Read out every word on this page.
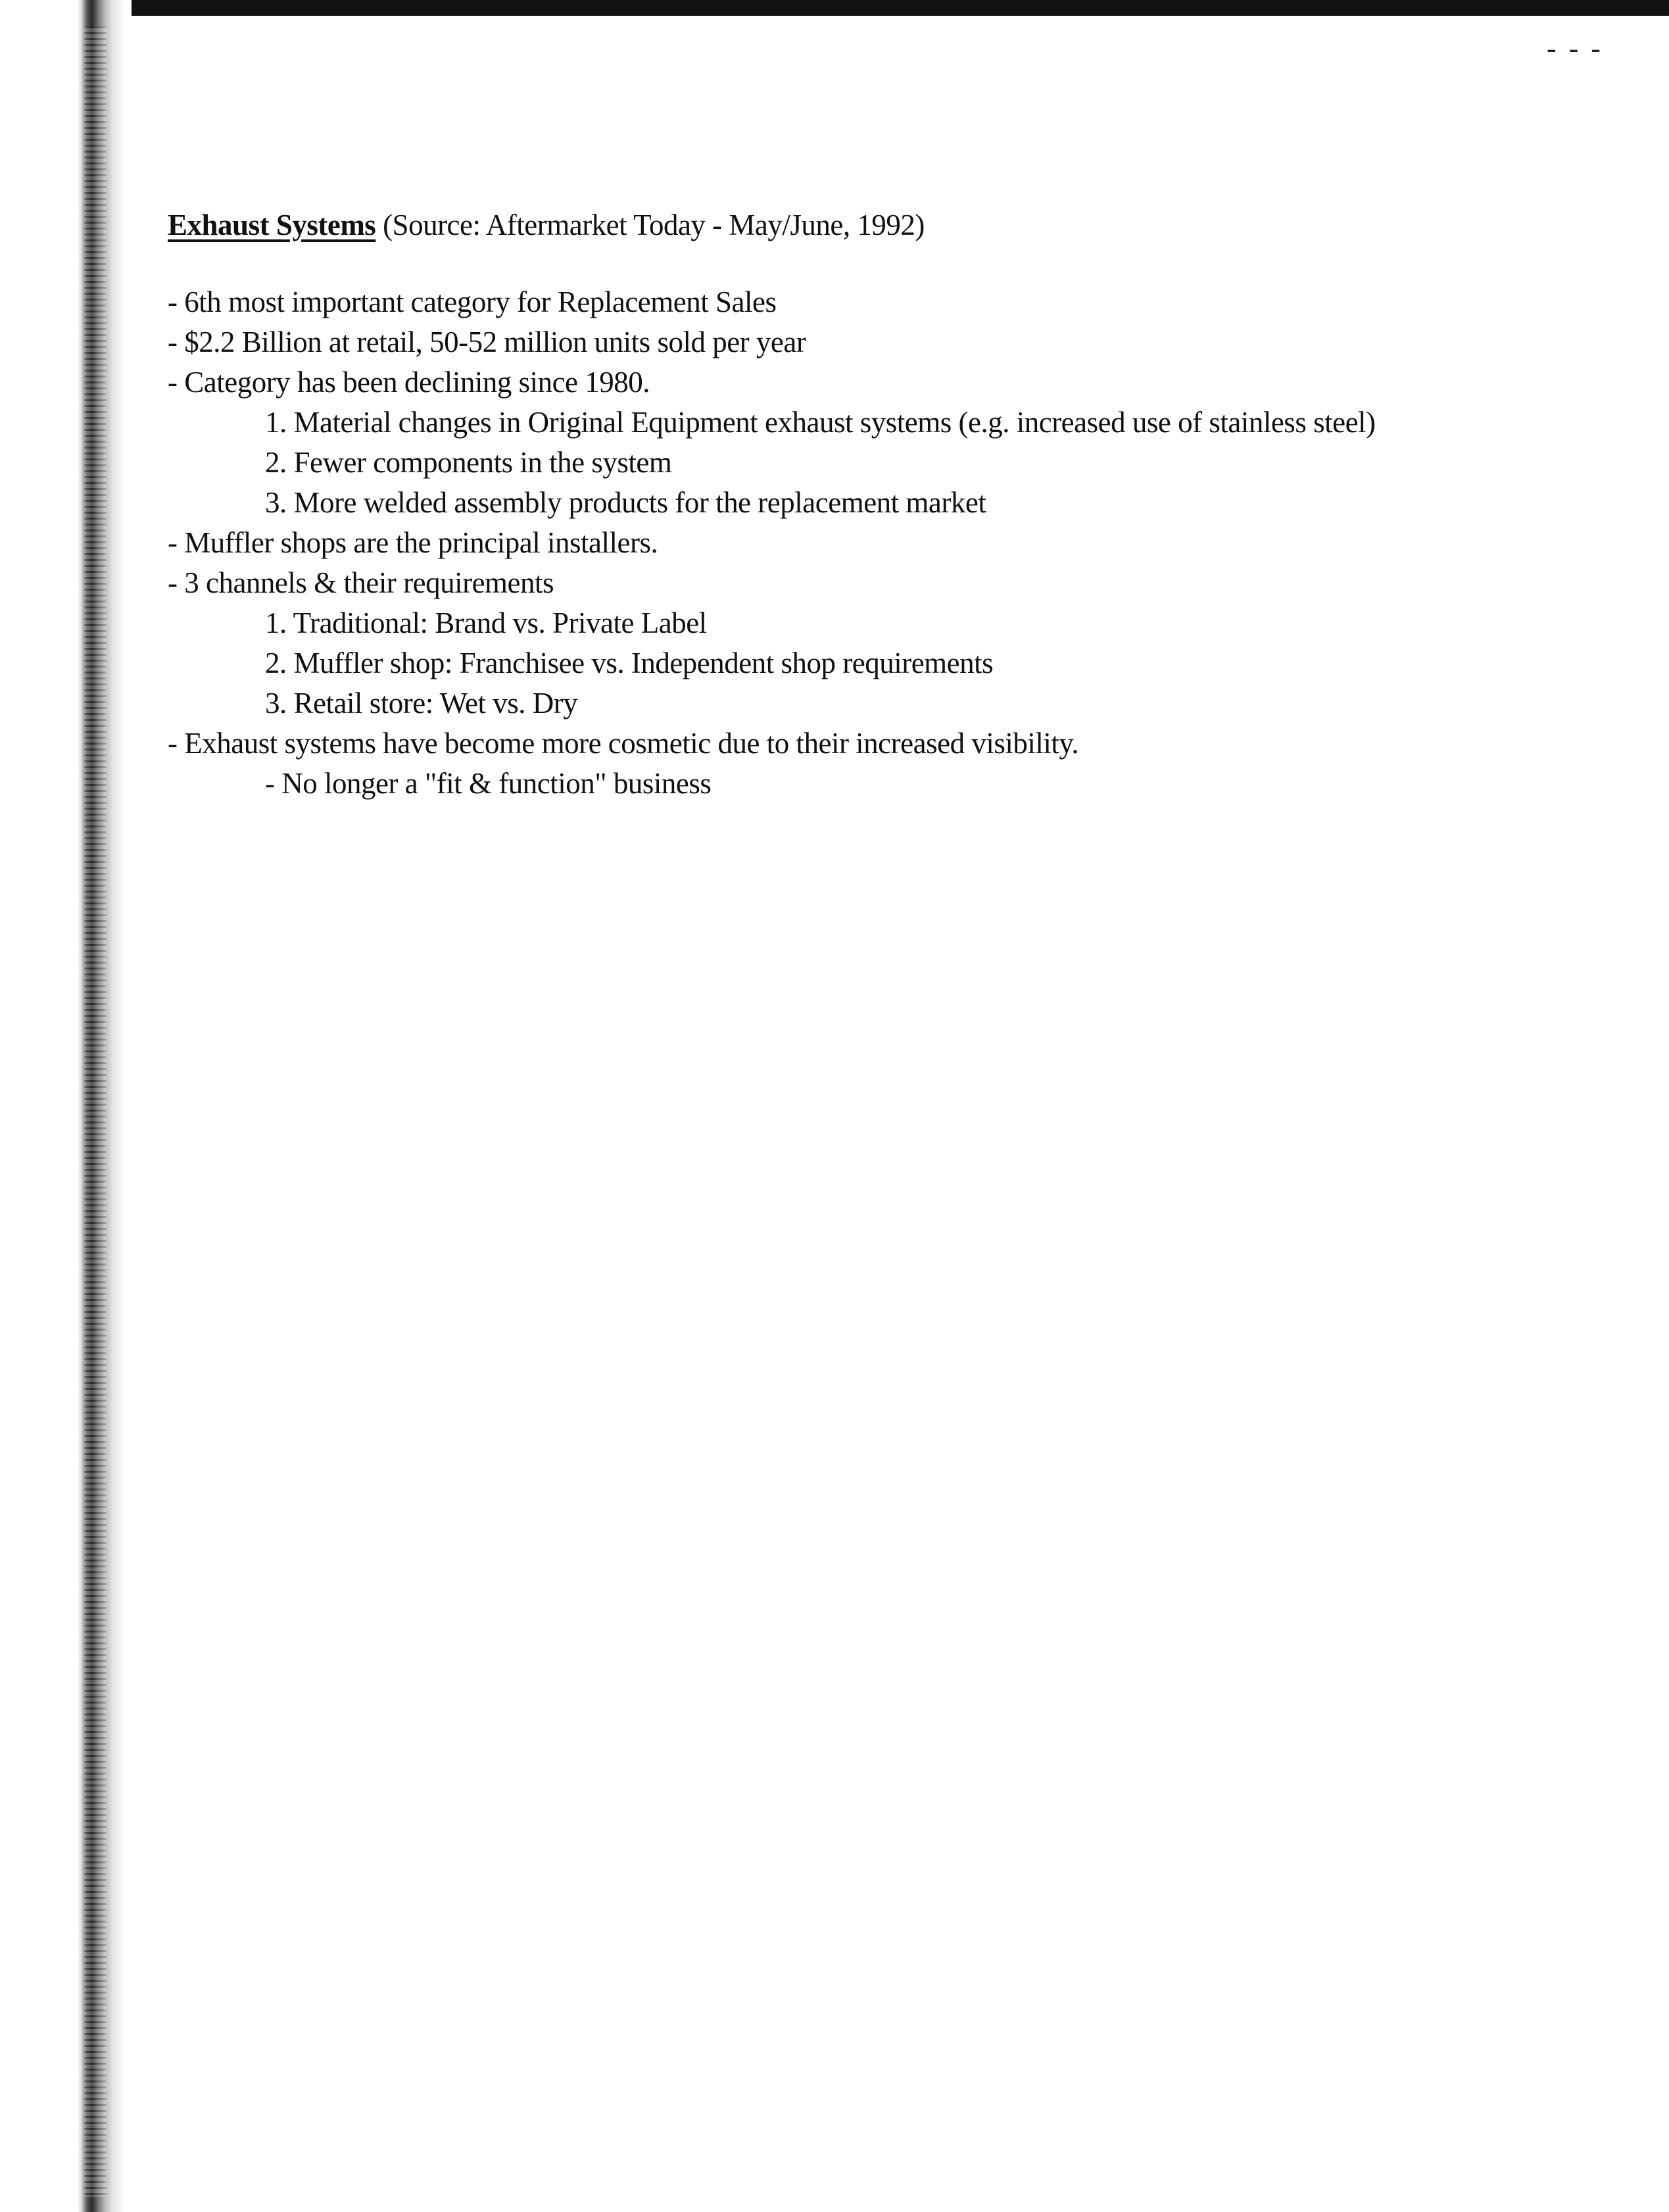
- - -
Exhaust Systems (Source: Aftermarket Today - May/June, 1992)
- 6th most important category for Replacement Sales
- $2.2 Billion at retail, 50-52 million units sold per year
- Category has been declining since 1980.
1. Material changes in Original Equipment exhaust systems (e.g. increased use of stainless steel)
2. Fewer components in the system
3. More welded assembly products for the replacement market
- Muffler shops are the principal installers.
- 3 channels & their requirements
1. Traditional: Brand vs. Private Label
2. Muffler shop: Franchisee vs. Independent shop requirements
3. Retail store: Wet vs. Dry
- Exhaust systems have become more cosmetic due to their increased visibility.
- No longer a "fit & function" business
